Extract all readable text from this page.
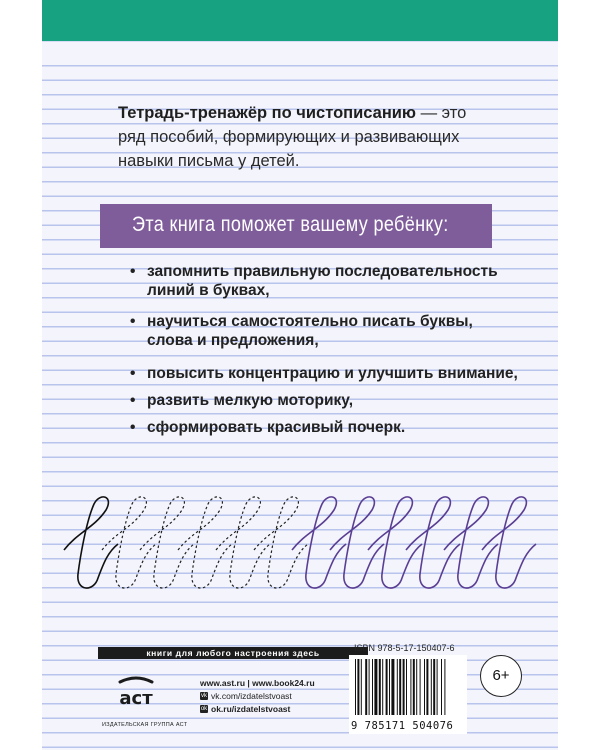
Тетрадь-тренажёр по чистописанию — это
ряд пособий, формирующих и развивающих
навыки письма у детей.
Эта книга поможет вашему ребёнку:
• запомнить правильную последовательность
линий в буквах,
• научиться самостоятельно писать буквы,
слова и предложения,
• повысить концентрацию и улучшить внимание,
• развить мелкую моторику,
• сформировать красивый почерк.
книги для любого настроения здесь
аст
ИЗДАТЕЛЬСКАЯ ГРУППА АСТ
www.ast.ru | www.book24.ru
vk vk.com/izdatelstvoast
ok ok.ru/izdatelstvoast
ISBN 978-5-17-150407-6
9 785171 504076
6+
